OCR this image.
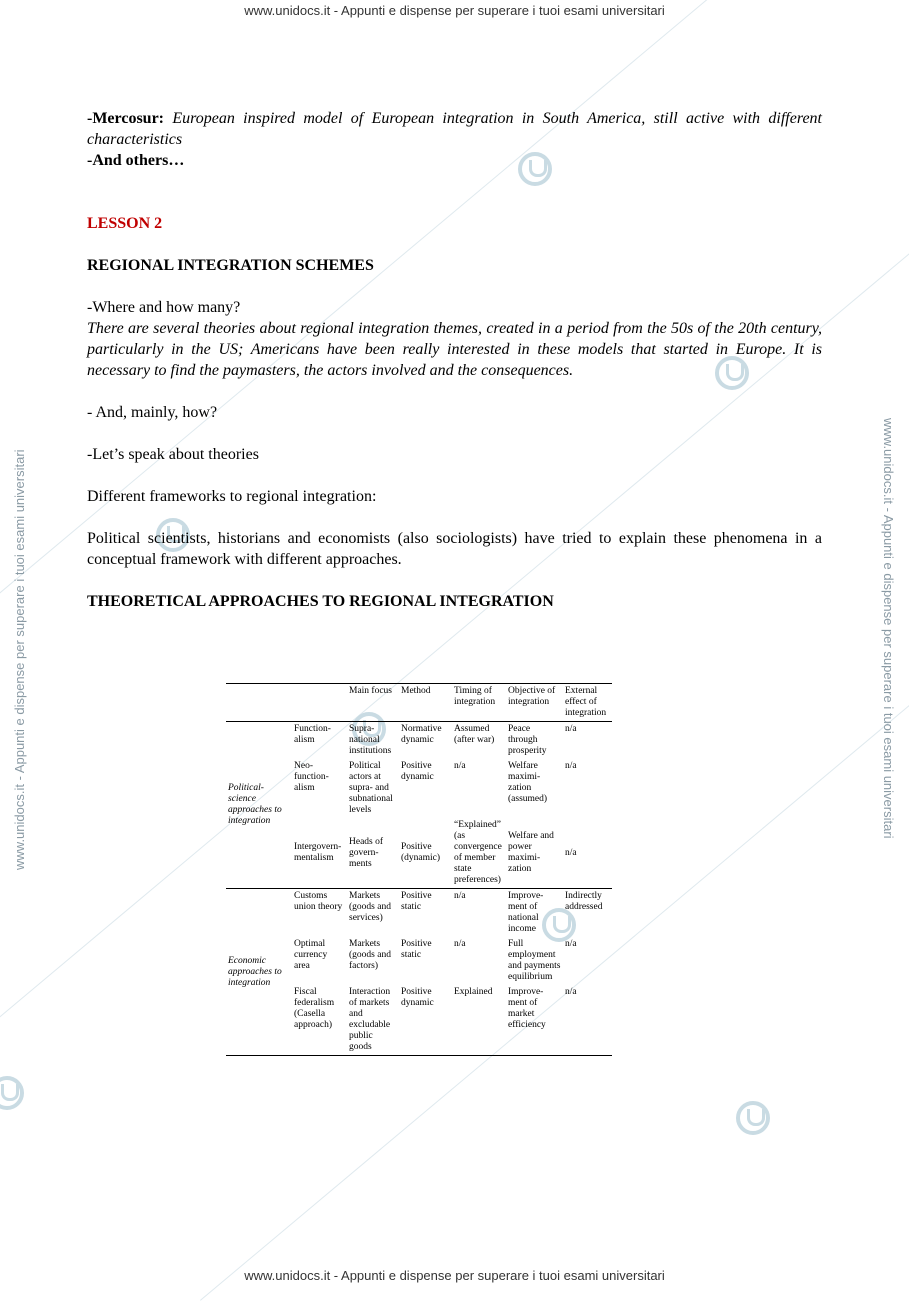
www.unidocs.it - Appunti e dispense per superare i tuoi esami universitari
www.unidocs.it - Appunti e dispense per superare i tuoi esami universitari	www.unidocs.it - Appunti e dispense per superare i tuoi esami universitari

-Mercosur: European inspired model of European integration in South America, still active with different characteristics

-And others…

LESSON 2

REGIONAL INTEGRATION SCHEMES

-Where and how many?

There are several theories about regional integration themes, created in a period from the 50s of the 20th century, particularly in the US; Americans have been really interested in these models that started in Europe. It is necessary to find the paymasters, the actors involved and the consequences.

- And, mainly, how?

-Let’s speak about theories

Different frameworks to regional integration:

Political scientists, historians and economists (also sociologists) have tried to explain these phenomena in a conceptual framework with different approaches.

THEORETICAL APPROACHES TO REGIONAL INTEGRATION

		Main focus	Method	Timing of integration	Objective of integration	External effect of integration
Political-science approaches to integration	Function-alism	Supra-national institutions	Normative dynamic	Assumed (after war)	Peace through prosperity	n/a
	Neo-function-alism	Political actors at supra- and subnational levels	Positive dynamic	n/a	Welfare maximi-zation (assumed)	n/a
	Intergovern-mentalism	Heads of govern-ments	Positive (dynamic)	“Explained” (as convergence of member state preferences)	Welfare and power maximi-zation	n/a
Economic approaches to integration	Customs union theory	Markets (goods and services)	Positive static	n/a	Improve-ment of national income	Indirectly addressed
	Optimal currency area	Markets (goods and factors)	Positive static	n/a	Full employment and payments equilibrium	n/a
	Fiscal federalism (Casella approach)	Interaction of markets and excludable public goods	Positive dynamic	Explained	Improve-ment of market efficiency	n/a
www.unidocs.it - Appunti e dispense per superare i tuoi esami universitari
